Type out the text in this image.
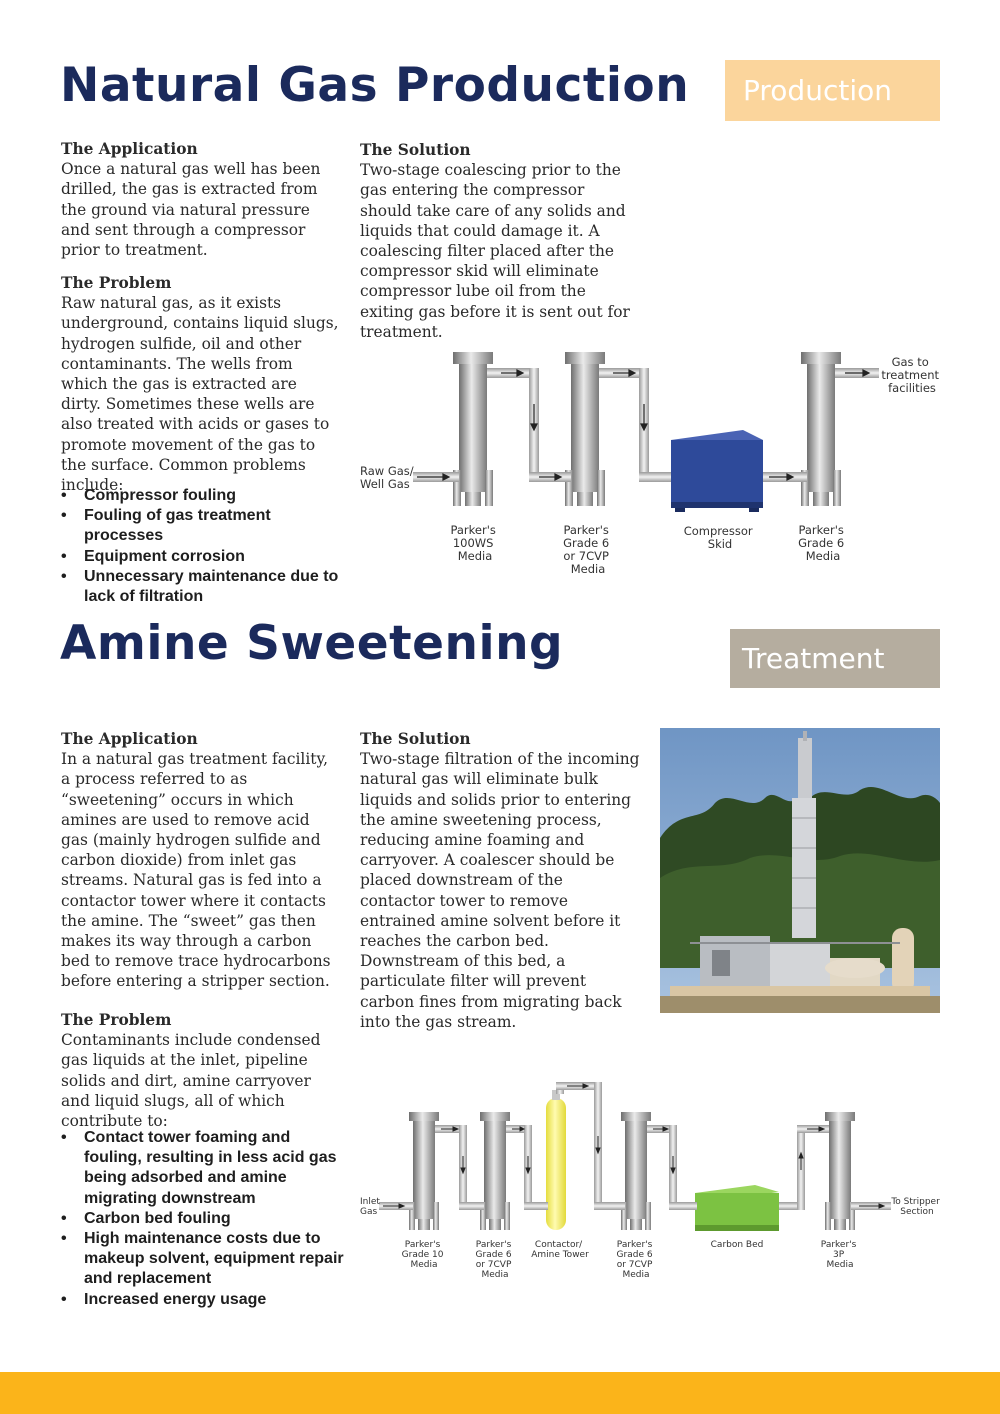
Natural Gas Production	Production
The Application

Once a natural gas well has been drilled, the gas is extracted from the ground via natural pressure and sent through a compressor prior to treatment.

The Problem

Raw natural gas, as it exists underground, contains liquid slugs, hydrogen sulfide, oil and other contaminants. The wells from which the gas is extracted are dirty. Sometimes these wells are also treated with acids or gases to promote movement of the gas to the surface. Common problems include:

• Compressor fouling
• Fouling of gas treatment processes
• Equipment corrosion
• Unnecessary maintenance due to lack of filtration
The Solution

Two-stage coalescing prior to the gas entering the compressor should take care of any solids and liquids that could damage it. A coalescing filter placed after the compressor skid will eliminate compressor lube oil from the exiting gas before it is sent out for treatment.

Raw Gas/ Well Gas
Gas to treatment facilities
Parker's 100WS Media
Parker's Grade 6 or 7CVP Media
Compressor Skid
Parker's Grade 6 Media
Amine Sweetening	Treatment
The Application

In a natural gas treatment facility, a process referred to as “sweetening” occurs in which amines are used to remove acid gas (mainly hydrogen sulfide and carbon dioxide) from inlet gas streams. Natural gas is fed into a contactor tower where it contacts the amine. The “sweet” gas then makes its way through a carbon bed to remove trace hydrocarbons before entering a stripper section.

The Solution

Two-stage filtration of the incoming natural gas will eliminate bulk liquids and solids prior to entering the amine sweetening process, reducing amine foaming and carryover. A coalescer should be placed downstream of the contactor tower to remove entrained amine solvent before it reaches the carbon bed. Downstream of this bed, a particulate filter will prevent carbon fines from migrating back into the gas stream.

The Problem

Contaminants include condensed gas liquids at the inlet, pipeline solids and dirt, amine carryover and liquid slugs, all of which contribute to:

• Contact tower foaming and fouling, resulting in less acid gas being adsorbed and amine migrating downstream
• Carbon bed fouling
• High maintenance costs due to makeup solvent, equipment repair and replacement
• Increased energy usage
Inlet Gas
To Stripper Section
Parker's Grade 10 Media
Parker's Grade 6 or 7CVP Media
Contactor/ Amine Tower
Parker's Grade 6 or 7CVP Media
Carbon Bed	Parker's 3P Media
